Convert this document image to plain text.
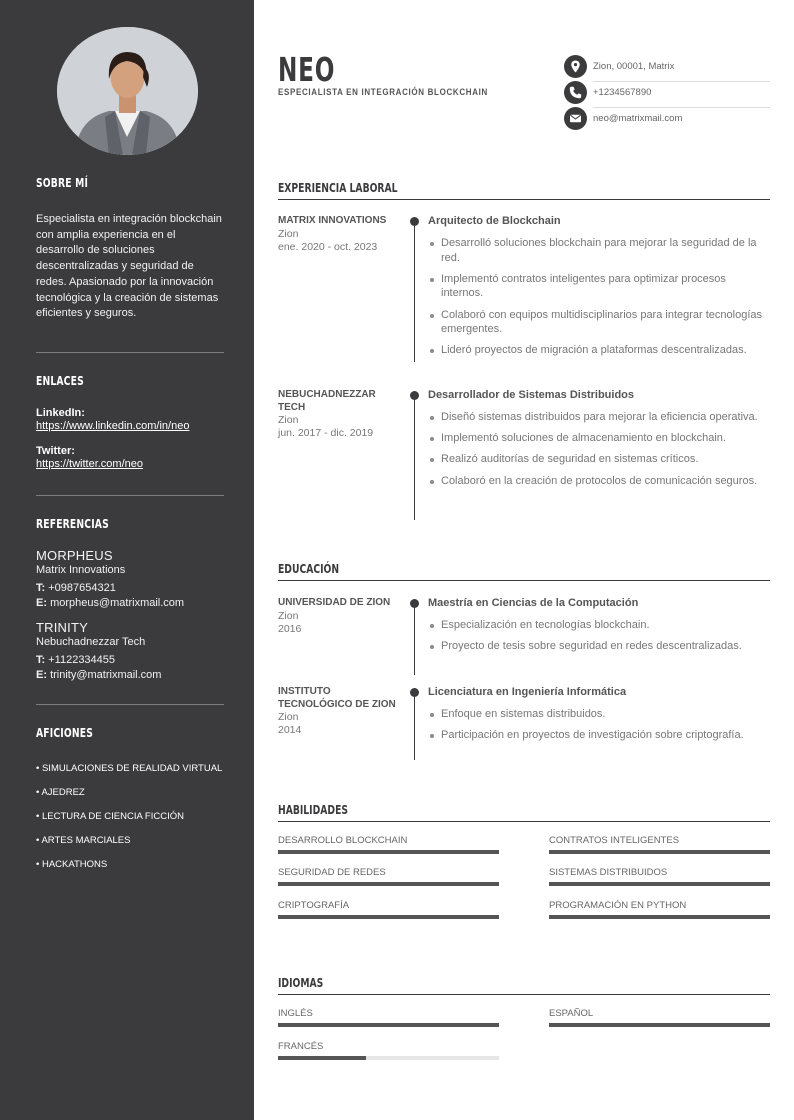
SOBRE MÍ

Especialista en integración blockchain con amplia experiencia en el desarrollo de soluciones descentralizadas y seguridad de redes. Apasionado por la innovación tecnológica y la creación de sistemas eficientes y seguros.

ENLACES
LinkedIn:
https://www.linkedin.com/in/neo
Twitter:
https://twitter.com/neo
REFERENCIAS
MORPHEUS
Matrix Innovations
T: +0987654321
E: morpheus@matrixmail.com
TRINITY
Nebuchadnezzar Tech
T: +1122334455
E: trinity@matrixmail.com
AFICIONES
• SIMULACIONES DE REALIDAD VIRTUAL
• AJEDREZ
• LECTURA DE CIENCIA FICCIÓN
• ARTES MARCIALES
• HACKATHONS
NEO
ESPECIALISTA EN INTEGRACIÓN BLOCKCHAIN
Zion, 00001, Matrix
+1234567890
neo@matrixmail.com
EXPERIENCIA LABORAL
MATRIX INNOVATIONS
Zion
ene. 2020 - oct. 2023
Arquitecto de Blockchain
Desarrolló soluciones blockchain para mejorar la seguridad de la red.
Implementó contratos inteligentes para optimizar procesos internos.
Colaboró con equipos multidisciplinarios para integrar tecnologías emergentes.
Lideró proyectos de migración a plataformas descentralizadas.
NEBUCHADNEZZAR TECH
Zion
jun. 2017 - dic. 2019
Desarrollador de Sistemas Distribuidos
Diseñó sistemas distribuidos para mejorar la eficiencia operativa.
Implementó soluciones de almacenamiento en blockchain.
Realizó auditorías de seguridad en sistemas críticos.
Colaboró en la creación de protocolos de comunicación seguros.
EDUCACIÓN
UNIVERSIDAD DE ZION
Zion
2016
Maestría en Ciencias de la Computación
Especialización en tecnologías blockchain.
Proyecto de tesis sobre seguridad en redes descentralizadas.
INSTITUTO TECNOLÓGICO DE ZION
Zion
2014
Licenciatura en Ingeniería Informática
Enfoque en sistemas distribuidos.
Participación en proyectos de investigación sobre criptografía.
HABILIDADES
DESARROLLO BLOCKCHAIN	CONTRATOS INTELIGENTES
SEGURIDAD DE REDES	SISTEMAS DISTRIBUIDOS
CRIPTOGRAFÍA	PROGRAMACIÓN EN PYTHON
IDIOMAS
INGLÉS	ESPAÑOL
FRANCÉS
